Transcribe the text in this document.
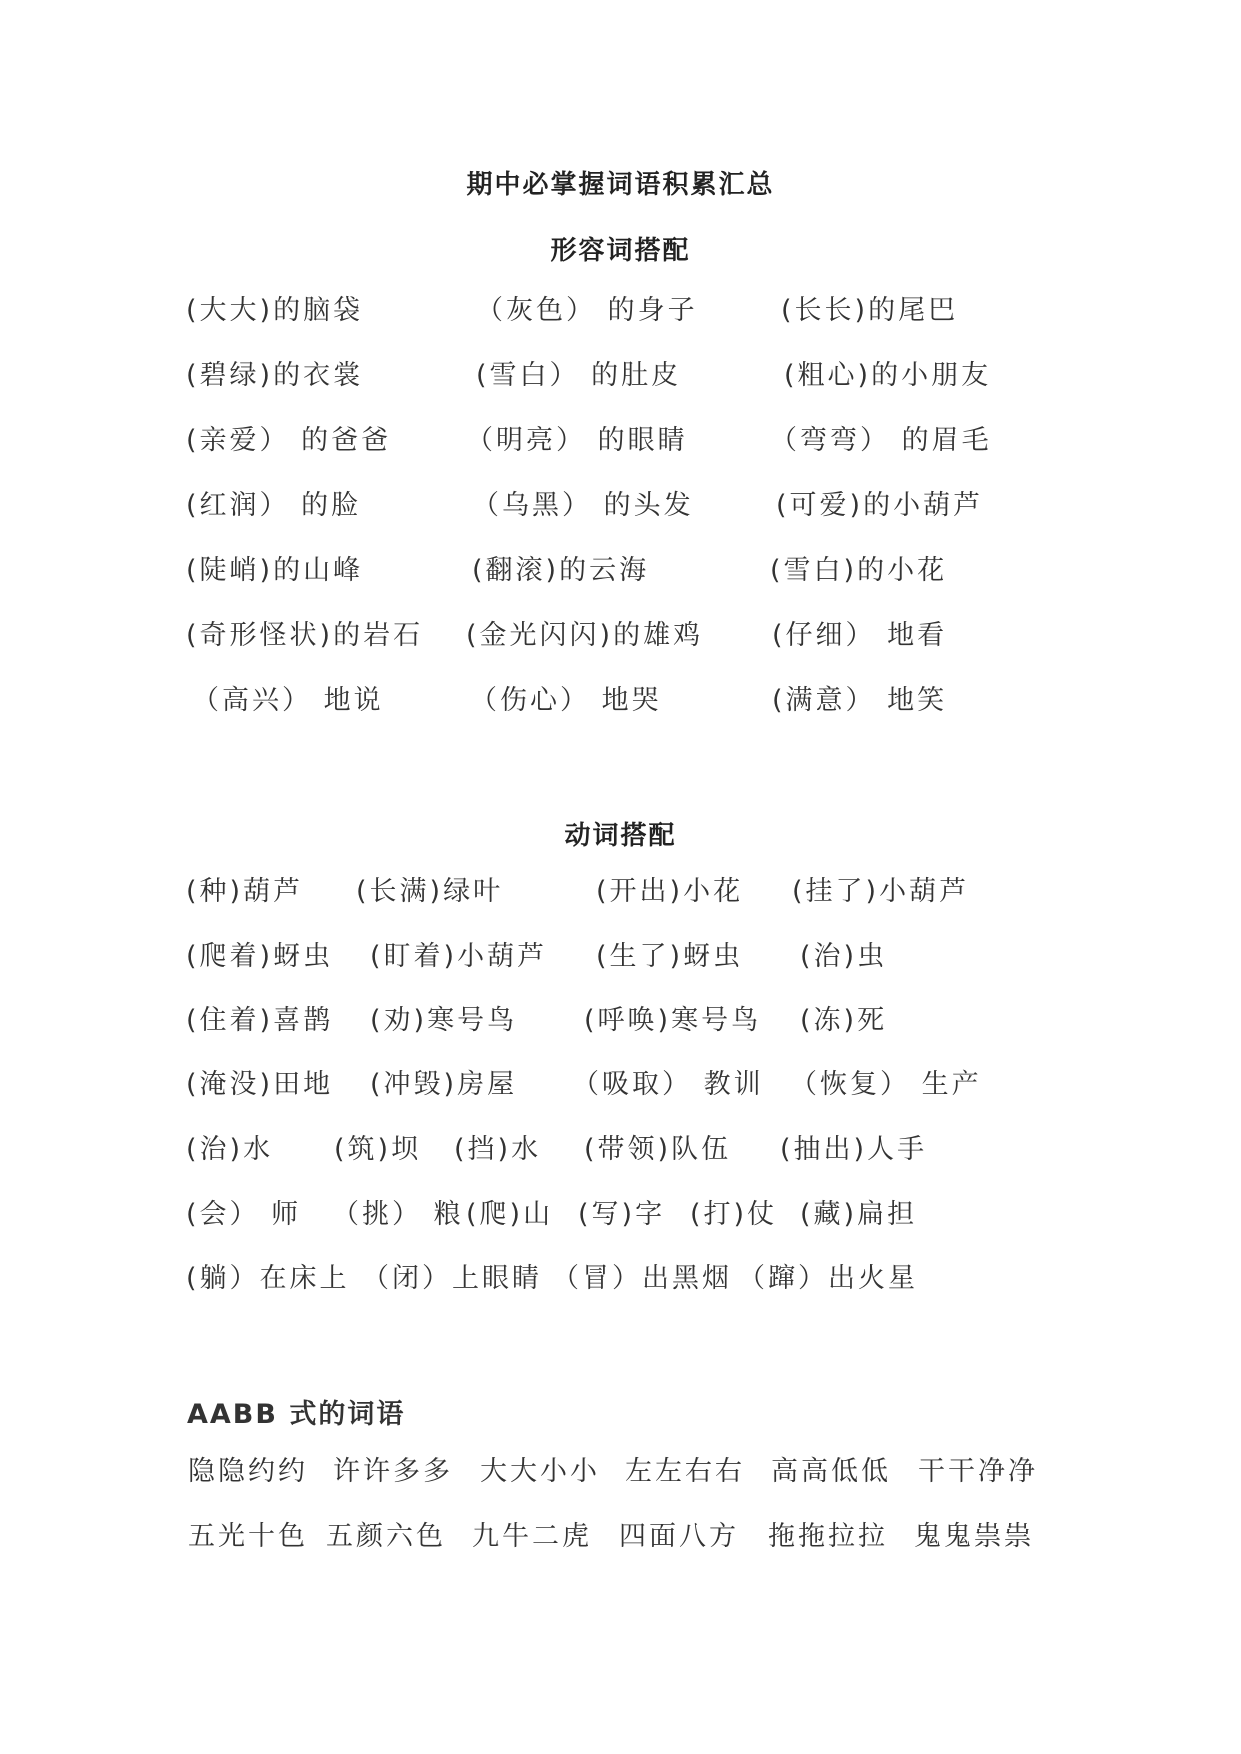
期中必掌握词语积累汇总
形容词搭配
(大大)的脑袋	（灰色） 的身子	(长长)的尾巴
(碧绿)的衣裳	(雪白） 的肚皮	(粗心)的小朋友
(亲爱） 的爸爸	（明亮） 的眼睛	（弯弯） 的眉毛
(红润） 的脸	（乌黑） 的头发	(可爱)的小葫芦
(陡峭)的山峰	(翻滚)的云海	(雪白)的小花
(奇形怪状)的岩石 (金光闪闪)的雄鸡	(仔细） 地看
（高兴） 地说	（伤心） 地哭	(满意） 地笑
动词搭配
(种)葫芦 (长满)绿叶	(开出)小花 (挂了)小葫芦
(爬着)蚜虫 (盯着)小葫芦 (生了)蚜虫 (治)虫
(住着)喜鹊 (劝)寒号鸟 (呼唤)寒号鸟 (冻)死
(淹没)田地 (冲毁)房屋 （吸取） 教训 （恢复） 生产
(治)水 (筑)坝 (挡)水 (带领)队伍 (抽出)人手
(会） 师 （挑） 粮 (爬)山 (写)字 (打)仗 (藏)扁担
(躺）在床上 （闭）上眼睛 （冒）出黑烟 （蹿）出火星
AABB 式的词语
隐隐约约 许许多多 大大小小 左左右右 高高低低 干干净净
五光十色 五颜六色 九牛二虎 四面八方 拖拖拉拉 鬼鬼祟祟
